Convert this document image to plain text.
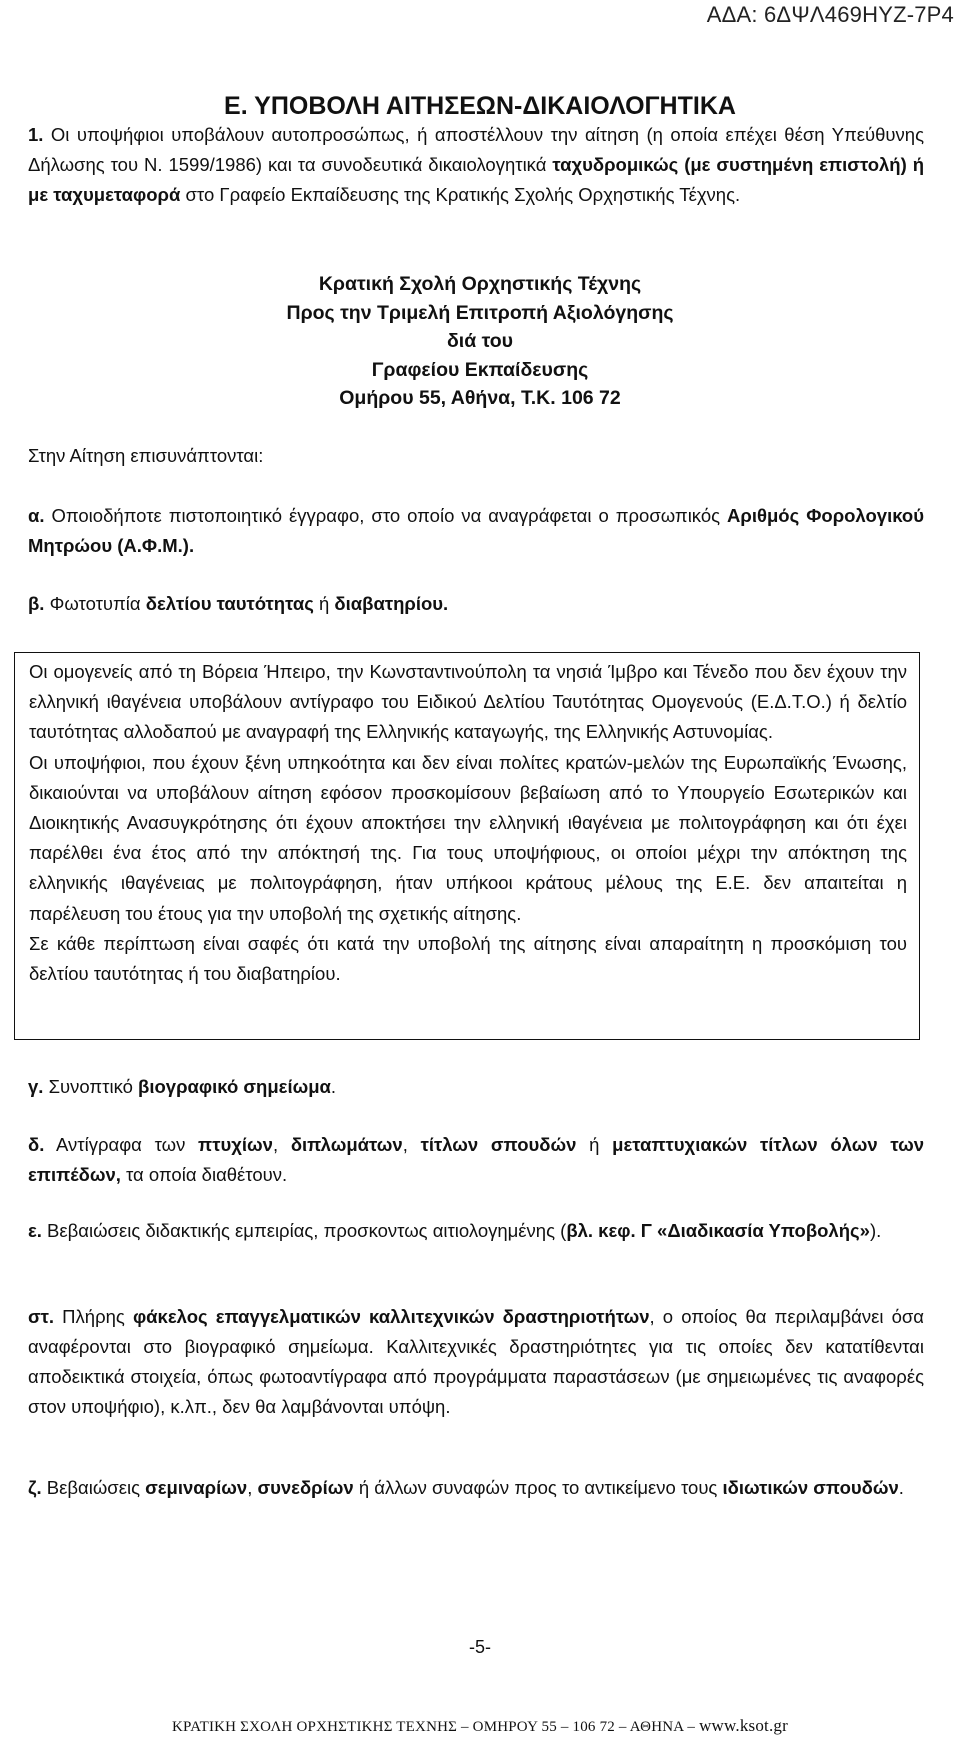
ΑΔΑ: 6ΔΨΛ469ΗΥΖ-7Ρ4
Ε. ΥΠΟΒΟΛΗ ΑΙΤΗΣΕΩΝ-ΔΙΚΑΙΟΛΟΓΗΤΙΚΑ
1. Οι υποψήφιοι υποβάλουν αυτοπροσώπως, ή αποστέλλουν την αίτηση (η οποία επέχει θέση Υπεύθυνης Δήλωσης του Ν. 1599/1986) και τα συνοδευτικά δικαιολογητικά ταχυδρομικώς (με συστημένη επιστολή) ή με ταχυμεταφορά στο Γραφείο Εκπαίδευσης της Κρατικής Σχολής Ορχηστικής Τέχνης.
Κρατική Σχολή Ορχηστικής Τέχνης
Προς την Τριμελή Επιτροπή Αξιολόγησης
διά του
Γραφείου Εκπαίδευσης
Ομήρου 55, Αθήνα, Τ.Κ. 106 72
Στην Αίτηση επισυνάπτονται:
α. Οποιοδήποτε πιστοποιητικό έγγραφο, στο οποίο να αναγράφεται ο προσωπικός Αριθμός Φορολογικού Μητρώου (Α.Φ.Μ.).
β. Φωτοτυπία δελτίου ταυτότητας ή διαβατηρίου.

Οι ομογενείς από τη Βόρεια Ήπειρο, την Κωνσταντινούπολη τα νησιά Ίμβρο και Τένεδο που δεν έχουν την ελληνική ιθαγένεια υποβάλουν αντίγραφο του Ειδικού Δελτίου Ταυτότητας Ομογενούς (Ε.Δ.Τ.Ο.) ή δελτίο ταυτότητας αλλοδαπού με αναγραφή της Ελληνικής καταγωγής, της Ελληνικής Αστυνομίας.

Οι υποψήφιοι, που έχουν ξένη υπηκοότητα και δεν είναι πολίτες κρατών-μελών της Ευρωπαϊκής Ένωσης, δικαιούνται να υποβάλουν αίτηση εφόσον προσκομίσουν βεβαίωση από το Υπουργείο Εσωτερικών και Διοικητικής Ανασυγκρότησης ότι έχουν αποκτήσει την ελληνική ιθαγένεια με πολιτογράφηση και ότι έχει παρέλθει ένα έτος από την απόκτησή της. Για τους υποψήφιους, οι οποίοι μέχρι την απόκτηση της ελληνικής ιθαγένειας με πολιτογράφηση, ήταν υπήκοοι κράτους μέλους της Ε.Ε. δεν απαιτείται η παρέλευση του έτους για την υποβολή της σχετικής αίτησης.

Σε κάθε περίπτωση είναι σαφές ότι κατά την υποβολή της αίτησης είναι απαραίτητη η προσκόμιση του δελτίου ταυτότητας ή του διαβατηρίου.

γ. Συνοπτικό βιογραφικό σημείωμα.
δ. Αντίγραφα των πτυχίων, διπλωμάτων, τίτλων σπουδών ή μεταπτυχιακών τίτλων όλων των επιπέδων, τα οποία διαθέτουν.
ε. Βεβαιώσεις διδακτικής εμπειρίας, προσκοντως αιτιολογημένης (βλ. κεφ. Γ «Διαδικασία Υποβολής»).
στ. Πλήρης φάκελος επαγγελματικών καλλιτεχνικών δραστηριοτήτων, ο οποίος θα περιλαμβάνει όσα αναφέρονται στο βιογραφικό σημείωμα. Καλλιτεχνικές δραστηριότητες για τις οποίες δεν κατατίθενται αποδεικτικά στοιχεία, όπως φωτοαντίγραφα από προγράμματα παραστάσεων (με σημειωμένες τις αναφορές στον υποψήφιο), κ.λπ., δεν θα λαμβάνονται υπόψη.
ζ. Βεβαιώσεις σεμιναρίων, συνεδρίων ή άλλων συναφών προς το αντικείμενο τους ιδιωτικών σπουδών.
-5-
ΚΡΑΤΙΚΗ ΣΧΟΛΗ ΟΡΧΗΣΤΙΚΗΣ ΤΕΧΝΗΣ – ΟΜΗΡΟΥ 55 – 106 72 – ΑΘΗΝΑ – www.ksot.gr
